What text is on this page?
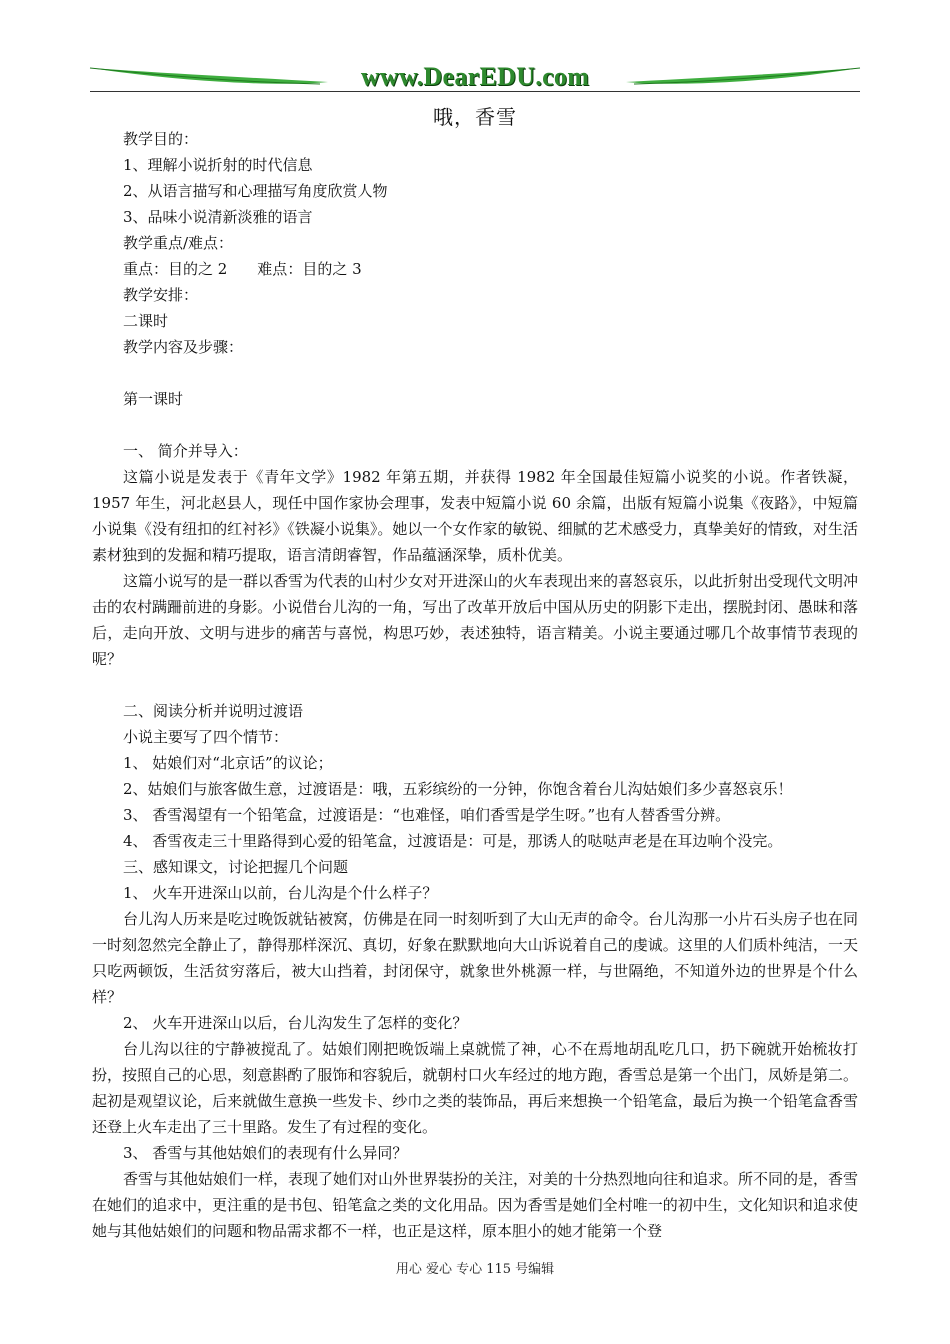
www.DearEDU.com
哦，香雪

教学目的：

1、理解小说折射的时代信息

2、从语言描写和心理描写角度欣赏人物

3、品味小说清新淡雅的语言

教学重点/难点：

重点：目的之 2　　难点：目的之 3

教学安排：

二课时

教学内容及步骤：

第一课时

一、 简介并导入：

这篇小说是发表于《青年文学》1982 年第五期，并获得 1982 年全国最佳短篇小说奖的小说。作者铁凝，1957 年生，河北赵县人，现任中国作家协会理事，发表中短篇小说 60 余篇，出版有短篇小说集《夜路》，中短篇小说集《没有纽扣的红衬衫》《铁凝小说集》。她以一个女作家的敏锐、细腻的艺术感受力，真挚美好的情致，对生活素材独到的发掘和精巧提取，语言清朗睿智，作品蕴涵深挚，质朴优美。

这篇小说写的是一群以香雪为代表的山村少女对开进深山的火车表现出来的喜怒哀乐，以此折射出受现代文明冲击的农村蹒跚前进的身影。小说借台儿沟的一角，写出了改革开放后中国从历史的阴影下走出，摆脱封闭、愚昧和落后，走向开放、文明与进步的痛苦与喜悦，构思巧妙，表述独特，语言精美。小说主要通过哪几个故事情节表现的呢？

二、阅读分析并说明过渡语

小说主要写了四个情节：

1、 姑娘们对“北京话”的议论；

2、姑娘们与旅客做生意，过渡语是：哦，五彩缤纷的一分钟，你饱含着台儿沟姑娘们多少喜怒哀乐！

3、 香雪渴望有一个铅笔盒，过渡语是：“也难怪，咱们香雪是学生呀。”也有人替香雪分辨。

4、 香雪夜走三十里路得到心爱的铅笔盒，过渡语是：可是，那诱人的哒哒声老是在耳边响个没完。

三、感知课文，讨论把握几个问题

1、 火车开进深山以前，台儿沟是个什么样子？

台儿沟人历来是吃过晚饭就钻被窝，仿佛是在同一时刻听到了大山无声的命令。台儿沟那一小片石头房子也在同一时刻忽然完全静止了，静得那样深沉、真切，好象在默默地向大山诉说着自己的虔诚。这里的人们质朴纯洁，一天只吃两顿饭，生活贫穷落后，被大山挡着，封闭保守，就象世外桃源一样，与世隔绝，不知道外边的世界是个什么样？

2、 火车开进深山以后，台儿沟发生了怎样的变化？

台儿沟以往的宁静被搅乱了。姑娘们刚把晚饭端上桌就慌了神，心不在焉地胡乱吃几口，扔下碗就开始梳妆打扮，按照自己的心思，刻意斟酌了服饰和容貌后，就朝村口火车经过的地方跑，香雪总是第一个出门，凤娇是第二。起初是观望议论，后来就做生意换一些发卡、纱巾之类的装饰品，再后来想换一个铅笔盒，最后为换一个铅笔盒香雪还登上火车走出了三十里路。发生了有过程的变化。

3、 香雪与其他姑娘们的表现有什么异同？

香雪与其他姑娘们一样，表现了她们对山外世界装扮的关注，对美的十分热烈地向往和追求。所不同的是，香雪在她们的追求中，更注重的是书包、铅笔盒之类的文化用品。因为香雪是她们全村唯一的初中生，文化知识和追求使她与其他姑娘们的问题和物品需求都不一样，也正是这样，原本胆小的她才能第一个登

用心 爱心 专心 115 号编辑
